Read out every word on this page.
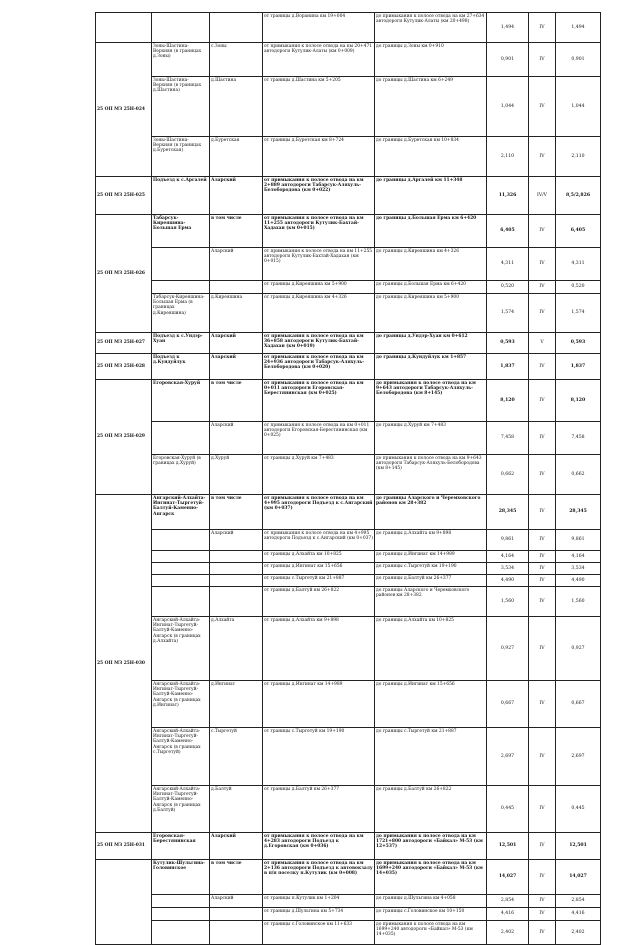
			от границы д.Воранина км 19+004	до примыкания к полосе отвода на км 27+634 автодороги Кутулик-Алаты (км 20+498)	1,494	IV	1,494
25 ОП МЗ 25Н-024	Зоны-Шастина-Верхняя (в границах д.Зоны)	с.Зоны	от примыкания к полосе отвода на км 20+471 автодороги Кутулик-Алаты (км 0+009)	до границы д.Зоны км 0+910	0,901	IV	0,901
	Зоны-Шастина-Верхняя (в границах д.Шастина)	д.Шастина	от границы д.Шастина км 5+205	до границы д.Шастина км 6+249	1,044	IV	1,044
	Зоны-Шастина-Верхняя (в границах д.Буретская)	д.Буретская	от границы д.Буретская км 8+724	до границы д.Буретская км 10+834	2,110	IV	2,110
25 ОП МЗ 25Н-025	Подъезд к с.Аргалей	Аларский	от примыкания к полосе отвода на км 2+889 автодороги Табарсук-Аляхуль-Белобородова (км 0+022)	до границы д.Аргалей км 11+348	11,326	IV/V	8,5/2,826
25 ОП МЗ 25Н-026	Табарсук-Киреяшина-Большая Ерма	в том числе	от примыкания к полосе отвода на км 11+255 автодороги Кутулик-Бахтай-Хадахан (км 0+015)	до границы д.Большая Ерма км 6+420	6,405	IV	6,405
		Аларский	от примыкания к полосе отвода на км 11+255 автодороги Кутулик-Бахтай-Хадахан (км 0+015)	до границы д.Киреяшина км 4+326	4,311	IV	4,311
			от границы д.Киреяшина км 5+900	до границы д.Большая Ерма км 6+420	0,520	IV	0,520
	Табарсук-Киреяшина-Большая Ерма (в границах д.Киреяшина)	д.Киреяшина	от границы д.Киреяшина км 4+326	до границы д.Киреяшина км 5+900	1,574	IV	1,574
25 ОП МЗ 25Н-027	Подъезд к с.Ундэр-Хуан	Аларский	от примыкания к полосе отвода на км 36+858 автодороги Кутулик-Бахтай-Хадахан (км 0+019)	до границы д.Ундэр-Хуан км 0+612	0,593	V	0,593
25 ОП МЗ 25Н-028	Подъезд к д.Кундуйлук	Аларский	от примыкания к полосе отвода на км 24+936 автодороги Табарсук-Аляхуль-Белобородова (км 0+020)	до границы д.Кундуйлук км 1+857	1,837	IV	1,837
25 ОП МЗ 25Н-029	Егоровская-Хуруй	в том числе	от примыкания к полосе отвода на км 0+011 автодороги Егоровская-Берестянинская (км 0+025)	до примыкания к полосе отвода на км 9+643 автодороги Табарсук-Аляхуль-Белобородова (км 8+145)	8,120	IV	8,120
		Аларский	от примыкания к полосе отвода на км 0+011 автодороги Егоровская-Берестянинская (км 0+025)	до границы д.Хуруй км 7+483	7,458	IV	7,458
	Егоровская-Хуруй (в границах д.Хуруй)	д.Хуруй	от границы д.Хуруй км 7+483	до примыкания к полосе отвода на км 9+643 автодороги Табарсук-Аляхуль-Белобородова (км 8+145)	0,662	IV	0,662
25 ОП МЗ 25Н-030	Ангарский-Алхайта-Ингинат-Тыргетуй-Балтуй-Каменно-Ангарск	в том числе	от примыкания к полосе отвода на км 4+995 автодороги Подъезд к с.Ангарский (км 0+037)	до границы Аларского и Черемховского районов км 28+382	28,345	IV	28,345
		Аларский	от примыкания к полосе отвода на км 4+995 автодороги Подъезд к с.Ангарский (км 0+037)	до границы д.Алхайта км 9+898	9,861	IV	9,861
			от границы д.Алхайта км 10+825	до границы д.Ингинат км 14+989	4,164	IV	4,164
			от границы д.Ингинат км 15+656	до границы с.Тыргетуй км 19+190	3,534	IV	3,534
			от границы с.Тыргетуй км 21+887	до границы д.Балтуй км 26+377	4,490	IV	4,490
			от границы д.Балтуй км 26+822	до границы Аларского и Черемховского районов км 28+382	1,560	IV	1,560
	Ангарский-Алхайта-Ингинат-Тыргетуй-Балтуй-Каменно-Ангарск (в границах д.Алхайта)	д.Алхайта	от границы д.Алхайта км 9+898	до границы д.Алхайта км 10+825	0,927	IV	0,927
	Ангарский-Алхайта-Ингинат-Тыргетуй-Балтуй-Каменно-Ангарск (в границах д.Ингинат)	д.Ингинат	от границы д.Ингинат км 14+989	до границы д.Ингинат км 15+656	0,667	IV	0,667
	Ангарский-Алхайта-Ингинат-Тыргетуй-Балтуй-Каменно-Ангарск (в границах с.Тыргетуй)	с.Тыргетуй	от границы с.Тыргетуй км 19+190	до границы с.Тыргетуй км 21+887	2,697	IV	2,697
	Ангарский-Алхайта-Ингинат-Тыргетуй-Балтуй-Каменно-Ангарск (в границах д.Балтуй)	д.Балтуй	от границы д.Балтуй км 26+377	до границы д.Балтуй км 26+822	0,445	IV	0,445
25 ОП МЗ 25Н-031	Егоровская-Берестянинская	Аларский	от примыкания к полосе отвода на км 4+283 автодороги Подъезд к д.Егоровская (км 0+036)	до примыкания к полосе отвода на км 1721+800 автодороги «Байкал» М-53 (км 12+537)	12,501	IV	12,501
	Кутулик-Шульгина-Головинское	в том числе	от примыкания к полосе отвода на км 2+136 автодороги Подъезд к автовокзалу в п/п поселку п.Кутулик (км 0+008)	до примыкания к полосе отвода на км 1699+240 автодороги «Байкал» М-53 (км 14+035)	14,027	IV	14,027
		Аларский	от границы п.Кутулик км 1+204	до границы д.Шульгина км 4+058	2,854	IV	2,854
			от границы д.Шульгина км 5+734	до границы с.Головинское км 10+150	4,416	IV	4,416
			от границы с.Головинское км 11+633	до примыкания к полосе отвода на км 1699+240 автодороги «Байкал» М-53 (км 14+035)	2,402	IV	2,402
